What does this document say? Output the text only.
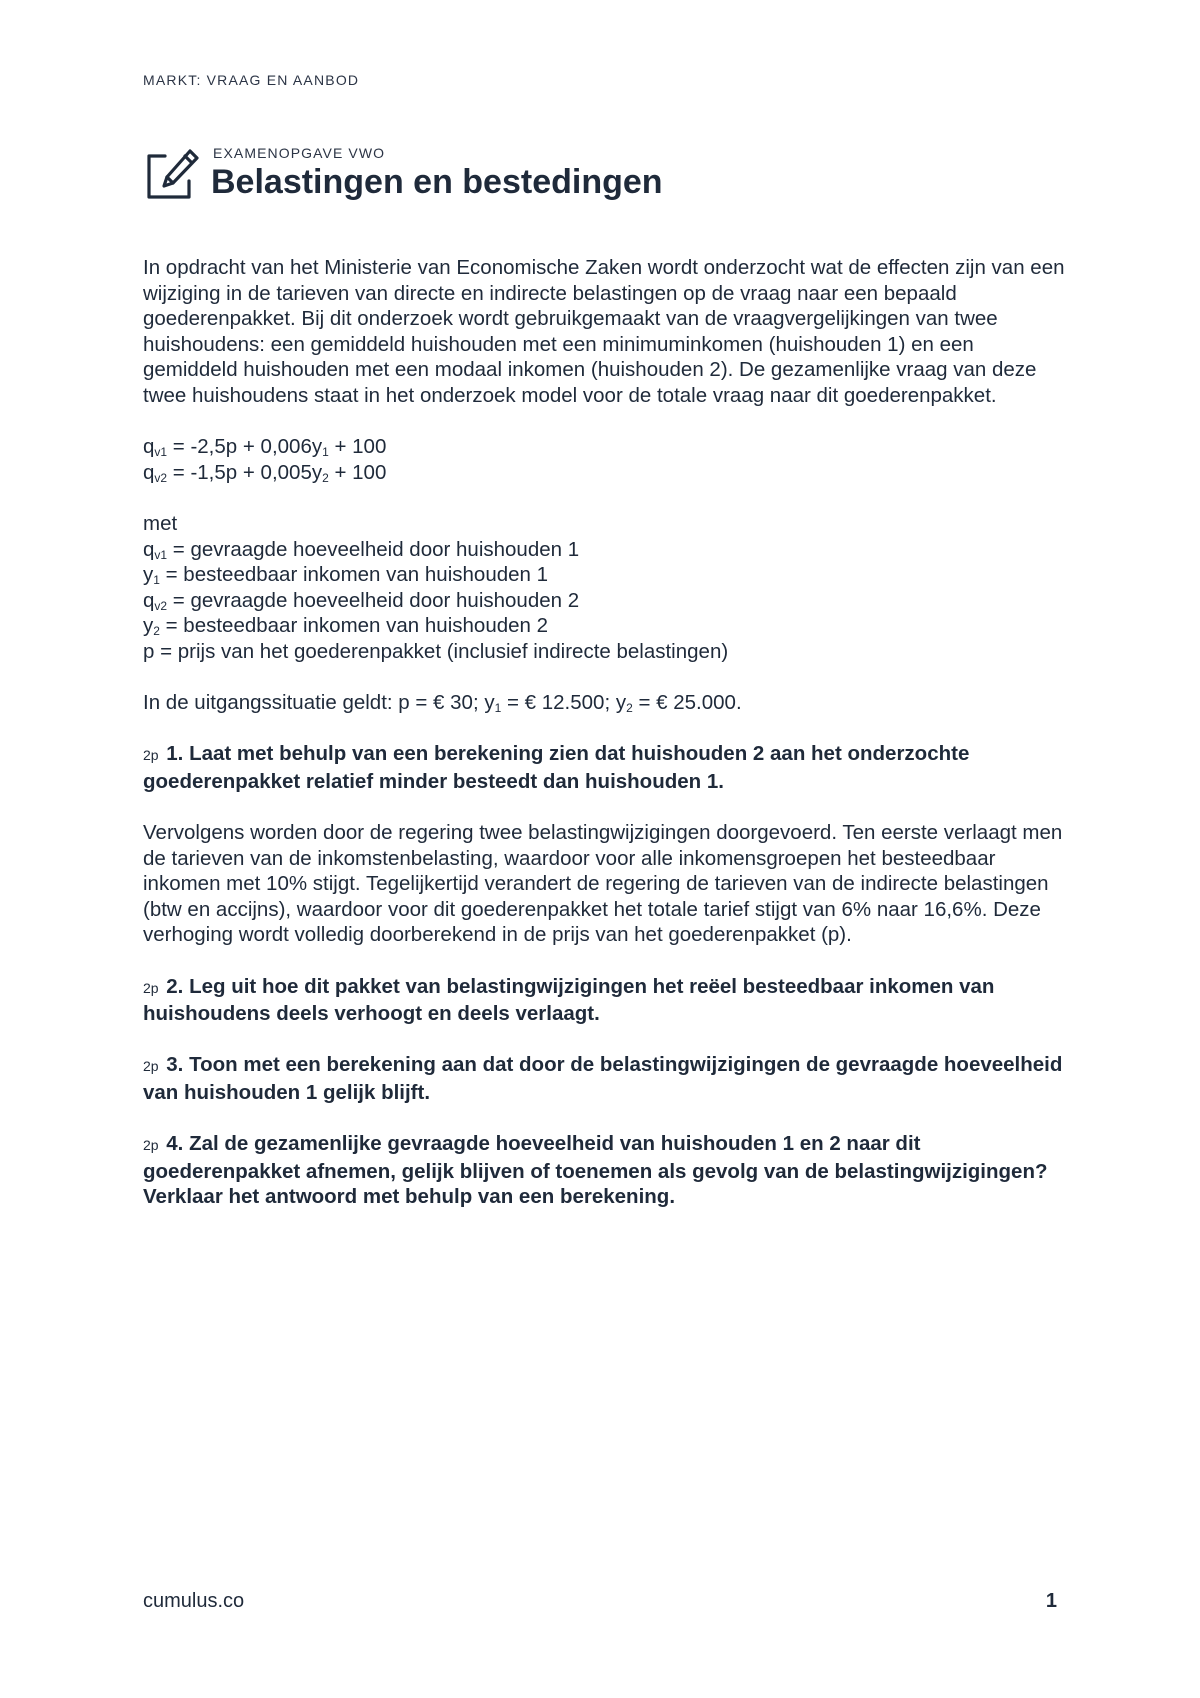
MARKT: VRAAG EN AANBOD
EXAMENOPGAVE VWO
Belastingen en bestedingen

In opdracht van het Ministerie van Economische Zaken wordt onderzocht wat de effecten zijn van een wijziging in de tarieven van directe en indirecte belastingen op de vraag naar een bepaald goederenpakket. Bij dit onderzoek wordt gebruikgemaakt van de vraagvergelijkingen van twee huishoudens: een gemiddeld huishouden met een minimuminkomen (huishouden 1) en een gemiddeld huishouden met een modaal inkomen (huishouden 2). De gezamenlijke vraag van deze twee huishoudens staat in het onderzoek model voor de totale vraag naar dit goederenpakket.

$q_{v1} = -2,5p + 0,006y_1 + 100$

$q_{v2} = -1,5p + 0,005y_2 + 100$

met

$q_{v1}$ = gevraagde hoeveelheid door huishouden 1

$y_1$ = besteedbaar inkomen van huishouden 1

$q_{v2}$ = gevraagde hoeveelheid door huishouden 2

$y_2$ = besteedbaar inkomen van huishouden 2

p = prijs van het goederenpakket (inclusief indirecte belastingen)

In de uitgangssituatie geldt: p = € 30; $y_1$ = € 12.500; $y_2$ = € 25.000.

2p 1. Laat met behulp van een berekening zien dat huishouden 2 aan het onderzochte goederenpakket relatief minder besteedt dan huishouden 1.

Vervolgens worden door de regering twee belastingwijzigingen doorgevoerd. Ten eerste verlaagt men de tarieven van de inkomstenbelasting, waardoor voor alle inkomensgroepen het besteedbaar inkomen met 10% stijgt. Tegelijkertijd verandert de regering de tarieven van de indirecte belastingen (btw en accijns), waardoor voor dit goederenpakket het totale tarief stijgt van 6% naar 16,6%. Deze verhoging wordt volledig doorberekend in de prijs van het goederenpakket (p).

2p 2. Leg uit hoe dit pakket van belastingwijzigingen het reëel besteedbaar inkomen van huishoudens deels verhoogt en deels verlaagt.

2p 3. Toon met een berekening aan dat door de belastingwijzigingen de gevraagde hoeveelheid van huishouden 1 gelijk blijft.

2p 4. Zal de gezamenlijke gevraagde hoeveelheid van huishouden 1 en 2 naar dit goederenpakket afnemen, gelijk blijven of toenemen als gevolg van de belastingwijzigingen? Verklaar het antwoord met behulp van een berekening.

cumulus.co	1
